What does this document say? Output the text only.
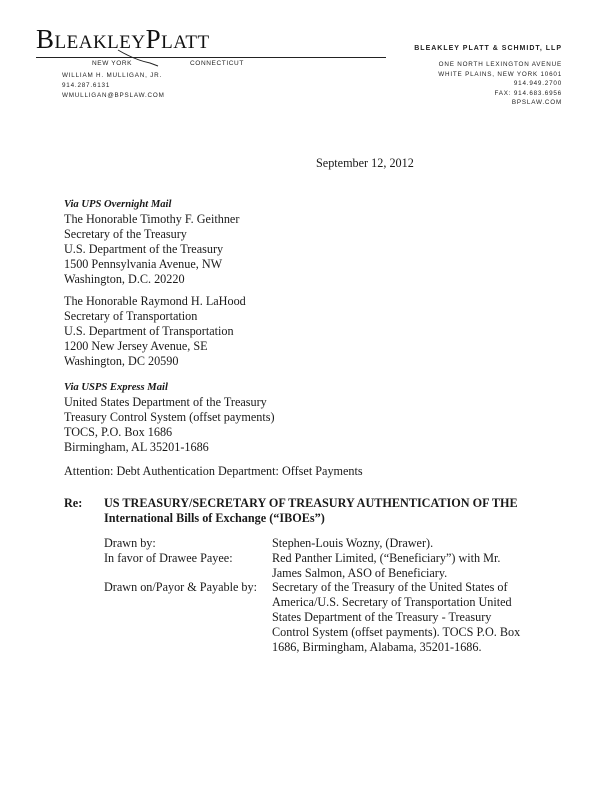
BleakleyPlatt
NEW YORK	CONNECTICUT
WILLIAM H. MULLIGAN, JR.
914.287.6131
WMULLIGAN@BPSLAW.COM
BLEAKLEY PLATT & SCHMIDT, LLP
ONE NORTH LEXINGTON AVENUE
WHITE PLAINS, NEW YORK 10601
914.949.2700
FAX: 914.683.6956
BPSLAW.COM
September 12, 2012
Via UPS Overnight Mail
The Honorable Timothy F. Geithner
Secretary of the Treasury
U.S. Department of the Treasury
1500 Pennsylvania Avenue, NW
Washington, D.C. 20220
The Honorable Raymond H. LaHood
Secretary of Transportation
U.S. Department of Transportation
1200 New Jersey Avenue, SE
Washington, DC 20590
Via USPS Express Mail
United States Department of the Treasury
Treasury Control System (offset payments)
TOCS, P.O. Box 1686
Birmingham, AL 35201-1686
Attention: Debt Authentication Department: Offset Payments
Re: US TREASURY/SECRETARY OF TREASURY AUTHENTICATION OF THE
International Bills of Exchange (“IBOEs”)
Drawn by:	Stephen-Louis Wozny, (Drawer).
In favor of Drawee Payee:	Red Panther Limited, (“Beneficiary”) with Mr. James Salmon, ASO of Beneficiary.
Drawn on/Payor & Payable by: Secretary of the Treasury of the United States of America/U.S. Secretary of Transportation United States Department of the Treasury - Treasury Control System (offset payments). TOCS P.O. Box 1686, Birmingham, Alabama, 35201-1686.
